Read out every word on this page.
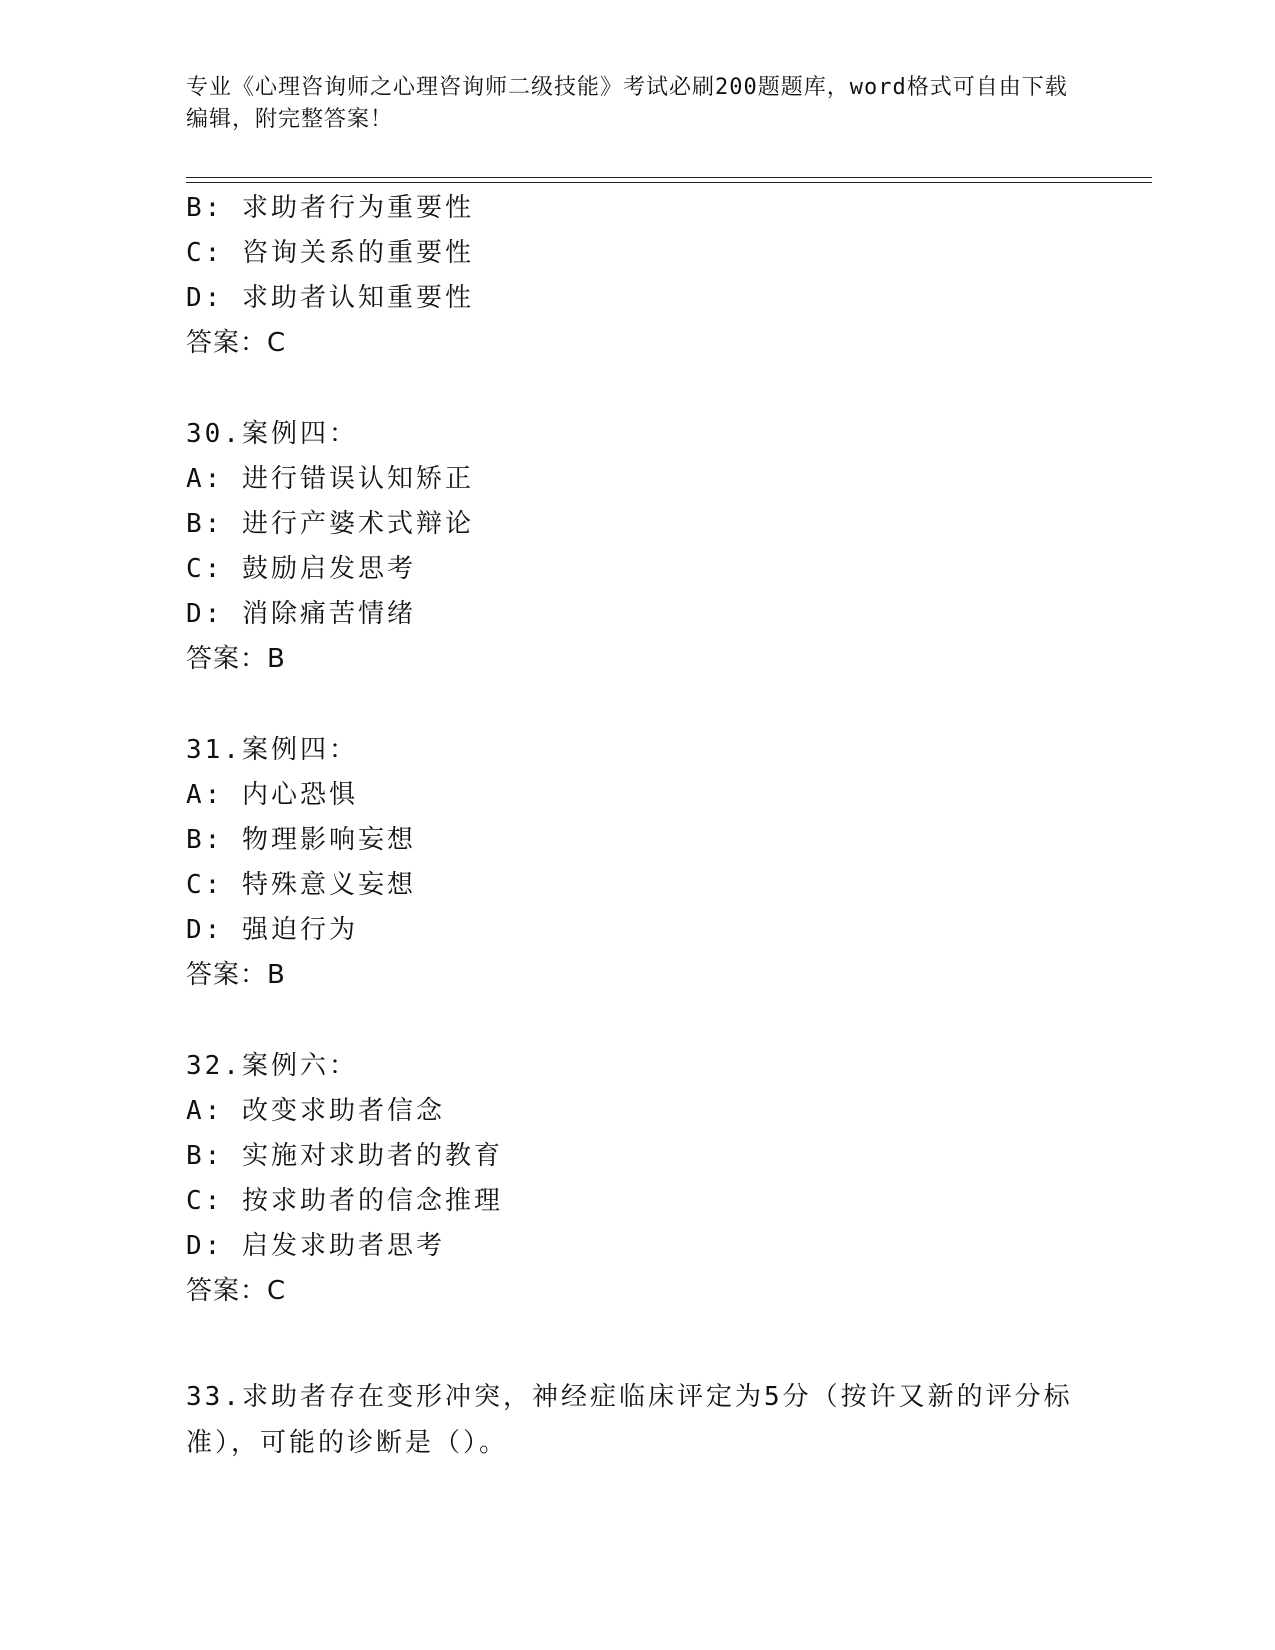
专业《心理咨询师之心理咨询师二级技能》考试必刷200题题库，word格式可自由下载编辑，附完整答案！
B: 求助者行为重要性
C: 咨询关系的重要性
D: 求助者认知重要性
答案：C
30.案例四：
A: 进行错误认知矫正
B: 进行产婆术式辩论
C: 鼓励启发思考
D: 消除痛苦情绪
答案：B
31.案例四：
A: 内心恐惧
B: 物理影响妄想
C: 特殊意义妄想
D: 强迫行为
答案：B
32.案例六：
A: 改变求助者信念
B: 实施对求助者的教育
C: 按求助者的信念推理
D: 启发求助者思考
答案：C
33.求助者存在变形冲突，神经症临床评定为5分（按许又新的评分标准），可能的诊断是（）。
